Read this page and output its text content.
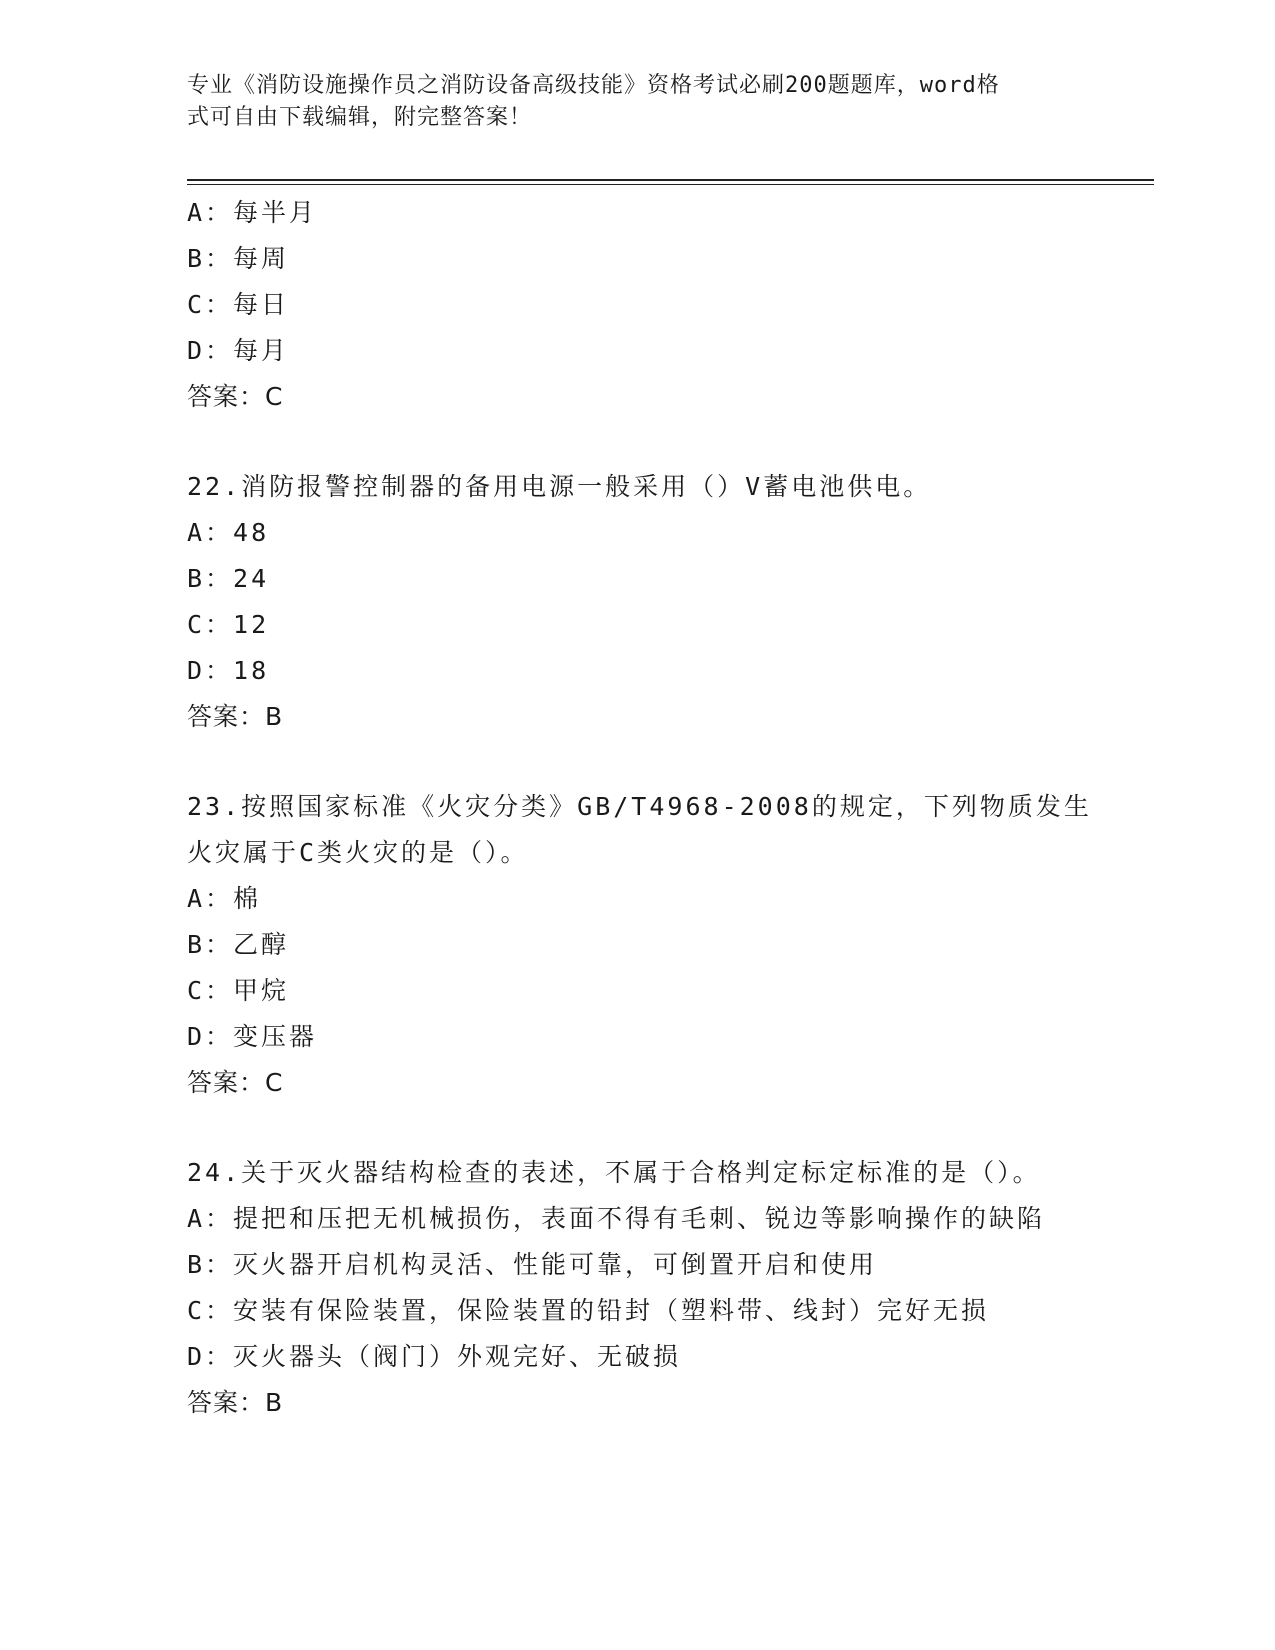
专业《消防设施操作员之消防设备高级技能》资格考试必刷200题题库，word格
式可自由下载编辑，附完整答案！
A：每半月
B：每周
C：每日
D：每月
答案：C
22.消防报警控制器的备用电源一般采用（）V蓄电池供电。
A：48
B：24
C：12
D：18
答案：B
23.按照国家标准《火灾分类》GB/T4968-2008的规定，下列物质发生
火灾属于C类火灾的是（）。
A：棉
B：乙醇
C：甲烷
D：变压器
答案：C
24.关于灭火器结构检查的表述，不属于合格判定标定标准的是（）。
A：提把和压把无机械损伤，表面不得有毛刺、锐边等影响操作的缺陷
B：灭火器开启机构灵活、性能可靠，可倒置开启和使用
C：安装有保险装置，保险装置的铅封（塑料带、线封）完好无损
D：灭火器头（阀门）外观完好、无破损
答案：B
